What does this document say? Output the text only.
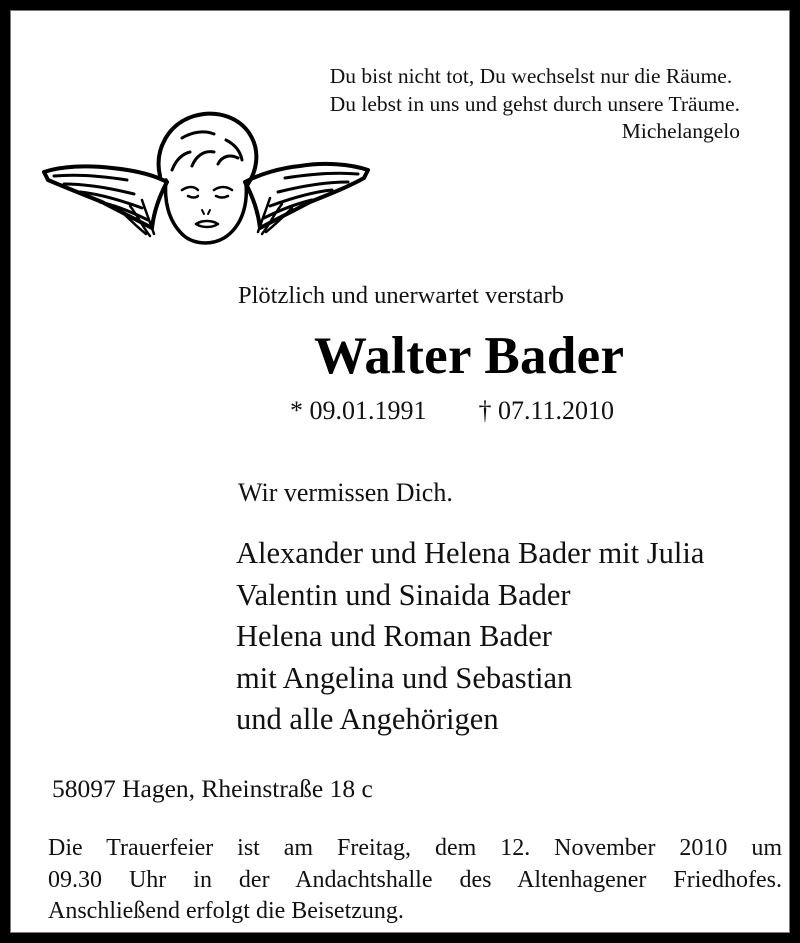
Du bist nicht tot, Du wechselst nur die Räume.
Du lebst in uns und gehst durch unsere Träume.
Michelangelo
Plötzlich und unerwartet verstarb
Walter Bader
* 09.01.1991 † 07.11.2010
Wir vermissen Dich.
Alexander und Helena Bader mit Julia
Valentin und Sinaida Bader
Helena und Roman Bader
mit Angelina und Sebastian
und alle Angehörigen
58097 Hagen, Rheinstraße 18 c
Die Trauerfeier ist am Freitag, dem 12. November 2010 um
09.30 Uhr in der Andachtshalle des Altenhagener Friedhofes.
Anschließend erfolgt die Beisetzung.
